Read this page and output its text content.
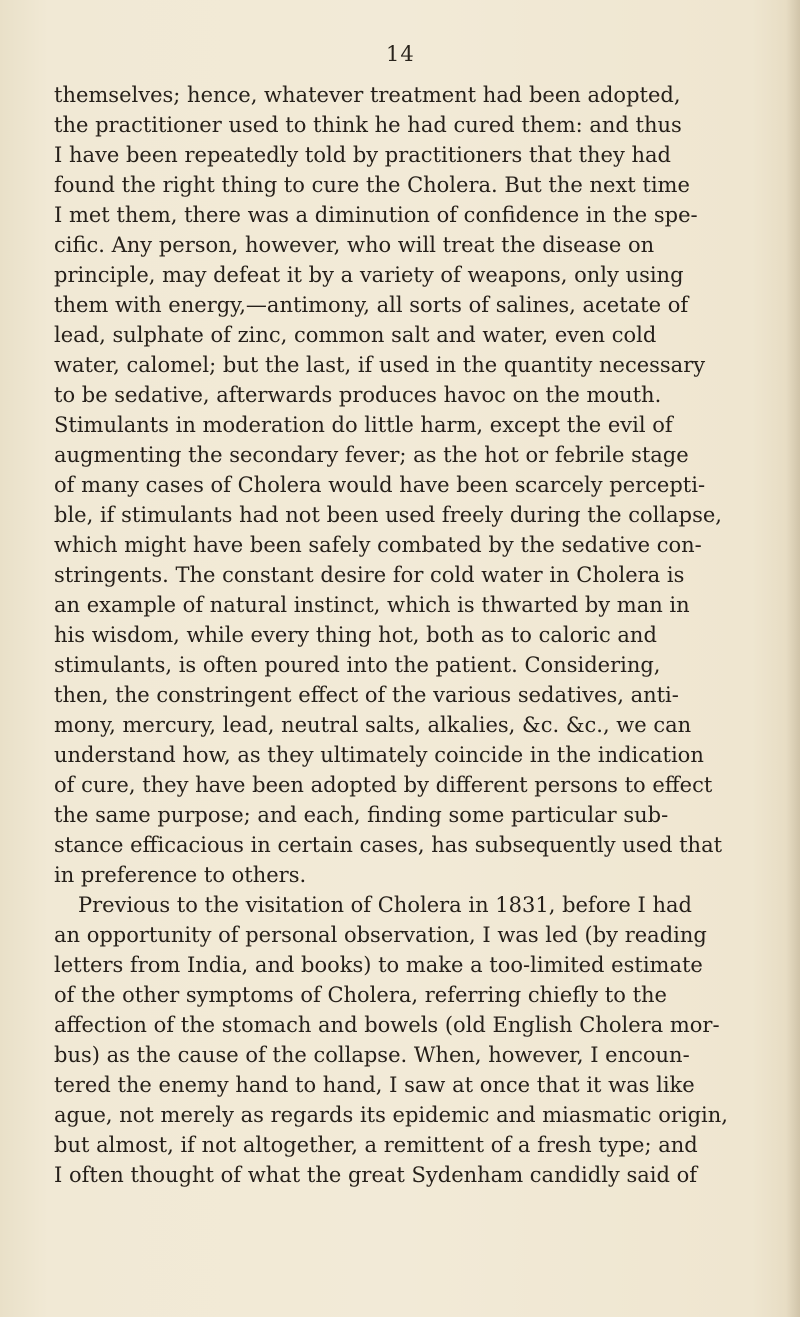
14
themselves; hence, whatever treatment had been adopted,
the practitioner used to think he had cured them: and thus
I have been repeatedly told by practitioners that they had
found the right thing to cure the Cholera. But the next time
I met them, there was a diminution of confidence in the spe-
cific. Any person, however, who will treat the disease on
principle, may defeat it by a variety of weapons, only using
them with energy,—antimony, all sorts of salines, acetate of
lead, sulphate of zinc, common salt and water, even cold
water, calomel; but the last, if used in the quantity necessary
to be sedative, afterwards produces havoc on the mouth.
Stimulants in moderation do little harm, except the evil of
augmenting the secondary fever; as the hot or febrile stage
of many cases of Cholera would have been scarcely percepti-
ble, if stimulants had not been used freely during the collapse,
which might have been safely combated by the sedative con-
stringents. The constant desire for cold water in Cholera is
an example of natural instinct, which is thwarted by man in
his wisdom, while every thing hot, both as to caloric and
stimulants, is often poured into the patient. Considering,
then, the constringent effect of the various sedatives, anti-
mony, mercury, lead, neutral salts, alkalies, &c. &c., we can
understand how, as they ultimately coincide in the indication
of cure, they have been adopted by different persons to effect
the same purpose; and each, finding some particular sub-
stance efficacious in certain cases, has subsequently used that
in preference to others.
Previous to the visitation of Cholera in 1831, before I had
an opportunity of personal observation, I was led (by reading
letters from India, and books) to make a too-limited estimate
of the other symptoms of Cholera, referring chiefly to the
affection of the stomach and bowels (old English Cholera mor-
bus) as the cause of the collapse. When, however, I encoun-
tered the enemy hand to hand, I saw at once that it was like
ague, not merely as regards its epidemic and miasmatic origin,
but almost, if not altogether, a remittent of a fresh type; and
I often thought of what the great Sydenham candidly said of
